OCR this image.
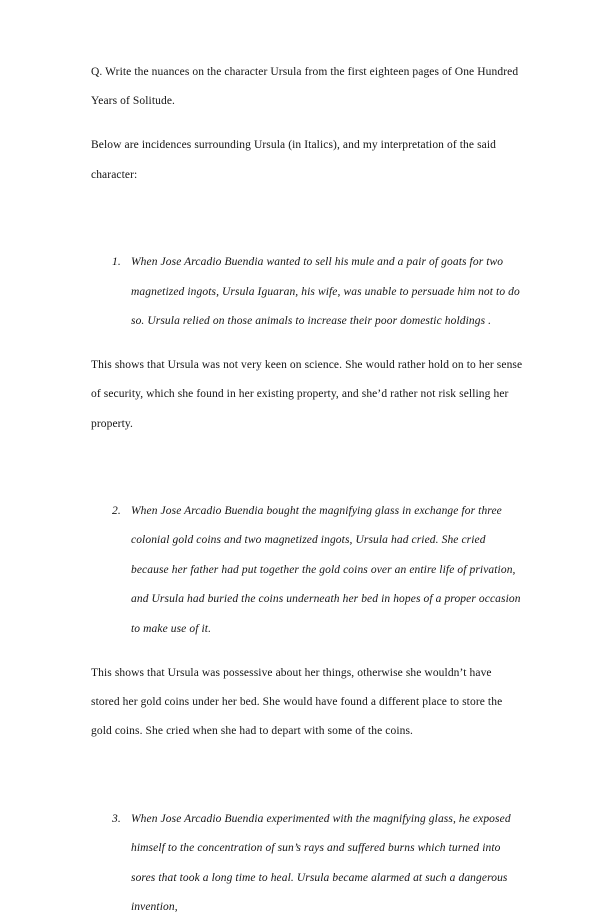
Q. Write the nuances on the character Ursula from the first eighteen pages of One Hundred Years of Solitude.

Below are incidences surrounding Ursula (in Italics), and my interpretation of the said character:

1. When Jose Arcadio Buendia wanted to sell his mule and a pair of goats for two magnetized ingots, Ursula Iguaran, his wife, was unable to persuade him not to do so. Ursula relied on those animals to increase their poor domestic holdings .

This shows that Ursula was not very keen on science. She would rather hold on to her sense of security, which she found in her existing property, and she’d rather not risk selling her property.

2. When Jose Arcadio Buendia bought the magnifying glass in exchange for three colonial gold coins and two magnetized ingots, Ursula had cried. She cried because her father had put together the gold coins over an entire life of privation, and Ursula had buried the coins underneath her bed in hopes of a proper occasion to make use of it.

This shows that Ursula was possessive about her things, otherwise she wouldn’t have stored her gold coins under her bed. She would have found a different place to store the gold coins. She cried when she had to depart with some of the coins.

3. When Jose Arcadio Buendia experimented with the magnifying glass, he exposed himself to the concentration of sun’s rays and suffered burns which turned into sores that took a long time to heal. Ursula became alarmed at such a dangerous invention,
